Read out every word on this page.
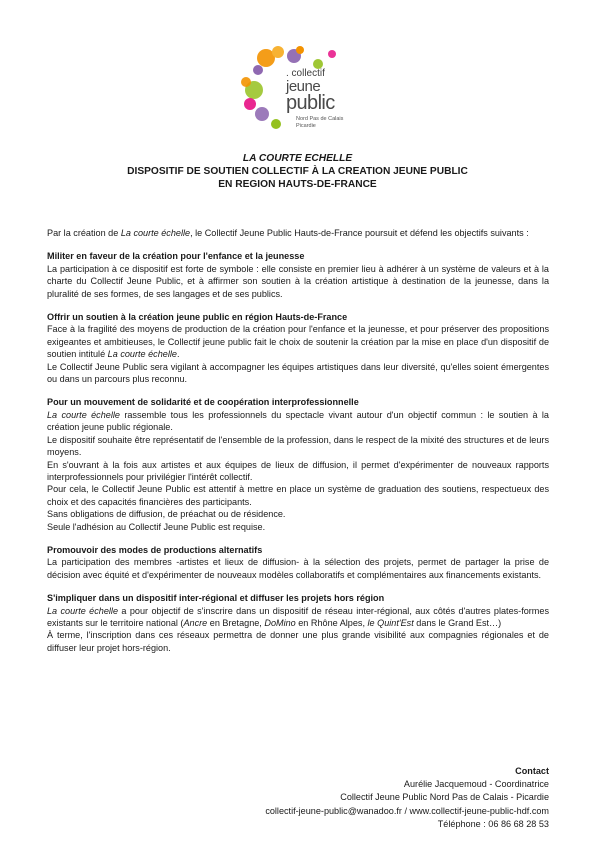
. collectif
jeune
public
Nord Pas de Calais
Picardie
LA COURTE ECHELLE
DISPOSITIF DE SOUTIEN COLLECTIF À LA CREATION JEUNE PUBLIC
EN REGION HAUTS-DE-FRANCE

Par la création de La courte échelle, le Collectif Jeune Public Hauts-de-France poursuit et défend les objectifs suivants :

Militer en faveur de la création pour l'enfance et la jeunesse

La participation à ce dispositif est forte de symbole : elle consiste en premier lieu à adhérer à un système de valeurs et à la charte du Collectif Jeune Public, et à affirmer son soutien à la création artistique à destination de la jeunesse, dans la pluralité de ses formes, de ses langages et de ses publics.

Offrir un soutien à la création jeune public en région Hauts-de-France

Face à la fragilité des moyens de production de la création pour l'enfance et la jeunesse, et pour préserver des propositions exigeantes et ambitieuses, le Collectif jeune public fait le choix de soutenir la création par la mise en place d'un dispositif de soutien intitulé La courte échelle.

Le Collectif Jeune Public sera vigilant à accompagner les équipes artistiques dans leur diversité, qu'elles soient émergentes ou dans un parcours plus reconnu.

Pour un mouvement de solidarité et de coopération interprofessionnelle

La courte échelle rassemble tous les professionnels du spectacle vivant autour d'un objectif commun : le soutien à la création jeune public régionale.

Le dispositif souhaite être représentatif de l'ensemble de la profession, dans le respect de la mixité des structures et de leurs moyens.

En s'ouvrant à la fois aux artistes et aux équipes de lieux de diffusion, il permet d'expérimenter de nouveaux rapports interprofessionnels pour privilégier l'intérêt collectif.

Pour cela, le Collectif Jeune Public est attentif à mettre en place un système de graduation des soutiens, respectueux des choix et des capacités financières des participants.

Sans obligations de diffusion, de préachat ou de résidence.

Seule l'adhésion au Collectif Jeune Public est requise.

Promouvoir des modes de productions alternatifs

La participation des membres -artistes et lieux de diffusion- à la sélection des projets, permet de partager la prise de décision avec équité et d'expérimenter de nouveaux modèles collaboratifs et complémentaires aux financements existants.

S'impliquer dans un dispositif inter-régional et diffuser les projets hors région

La courte échelle a pour objectif de s'inscrire dans un dispositif de réseau inter-régional, aux côtés d'autres plates-formes existants sur le territoire national (Ancre en Bretagne, DoMino en Rhône Alpes, le Quint'Est dans le Grand Est…)

À terme, l'inscription dans ces réseaux permettra de donner une plus grande visibilité aux compagnies régionales et de diffuser leur projet hors-région.

Contact
Aurélie Jacquemoud - Coordinatrice
Collectif Jeune Public Nord Pas de Calais - Picardie
collectif-jeune-public@wanadoo.fr / www.collectif-jeune-public-hdf.com
Téléphone : 06 86 68 28 53
